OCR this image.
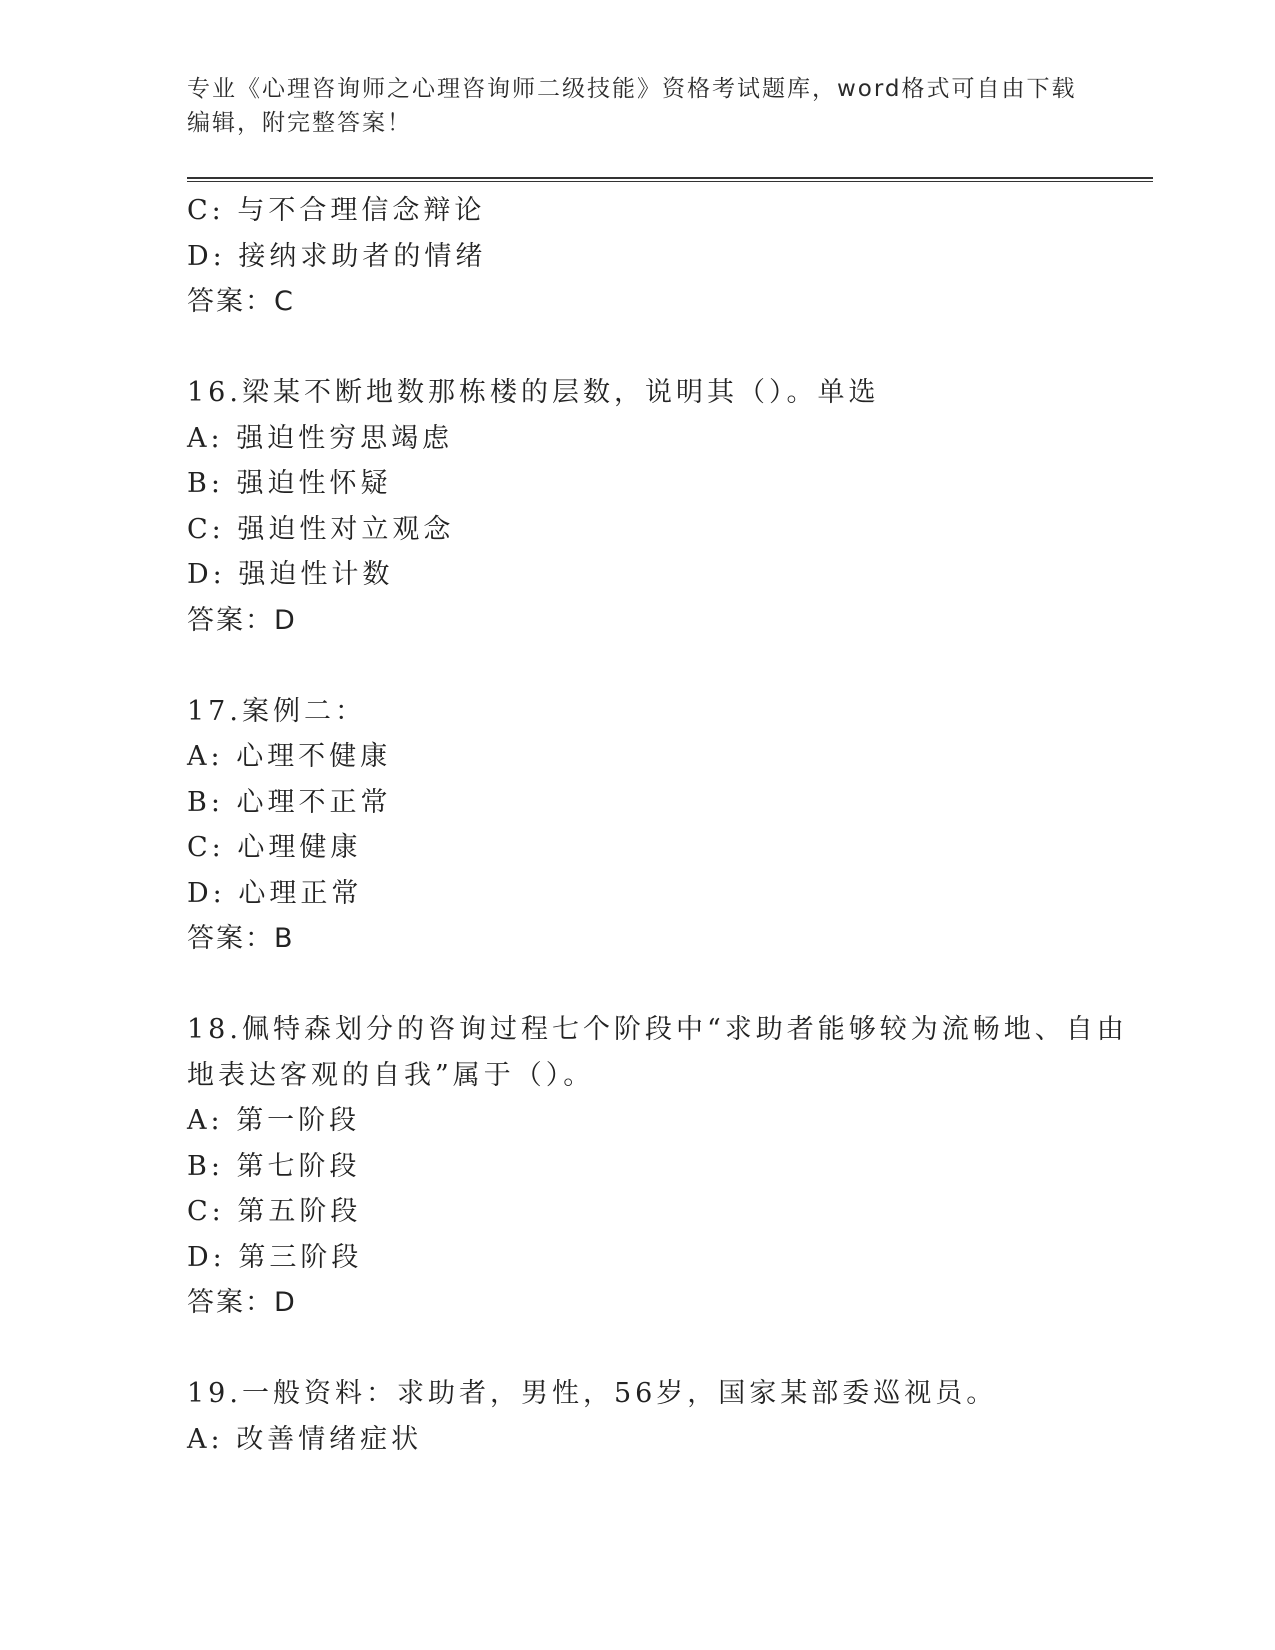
专业《心理咨询师之心理咨询师二级技能》资格考试题库，word格式可自由下载
编辑，附完整答案！
C: 与不合理信念辩论
D: 接纳求助者的情绪
答案：C
16.梁某不断地数那栋楼的层数，说明其（）。单选
A: 强迫性穷思竭虑
B: 强迫性怀疑
C: 强迫性对立观念
D: 强迫性计数
答案：D
17.案例二：
A: 心理不健康
B: 心理不正常
C: 心理健康
D: 心理正常
答案：B
18.佩特森划分的咨询过程七个阶段中“求助者能够较为流畅地、自由
地表达客观的自我”属于（）。
A: 第一阶段
B: 第七阶段
C: 第五阶段
D: 第三阶段
答案：D
19.一般资料：求助者，男性，56岁，国家某部委巡视员。
A: 改善情绪症状
